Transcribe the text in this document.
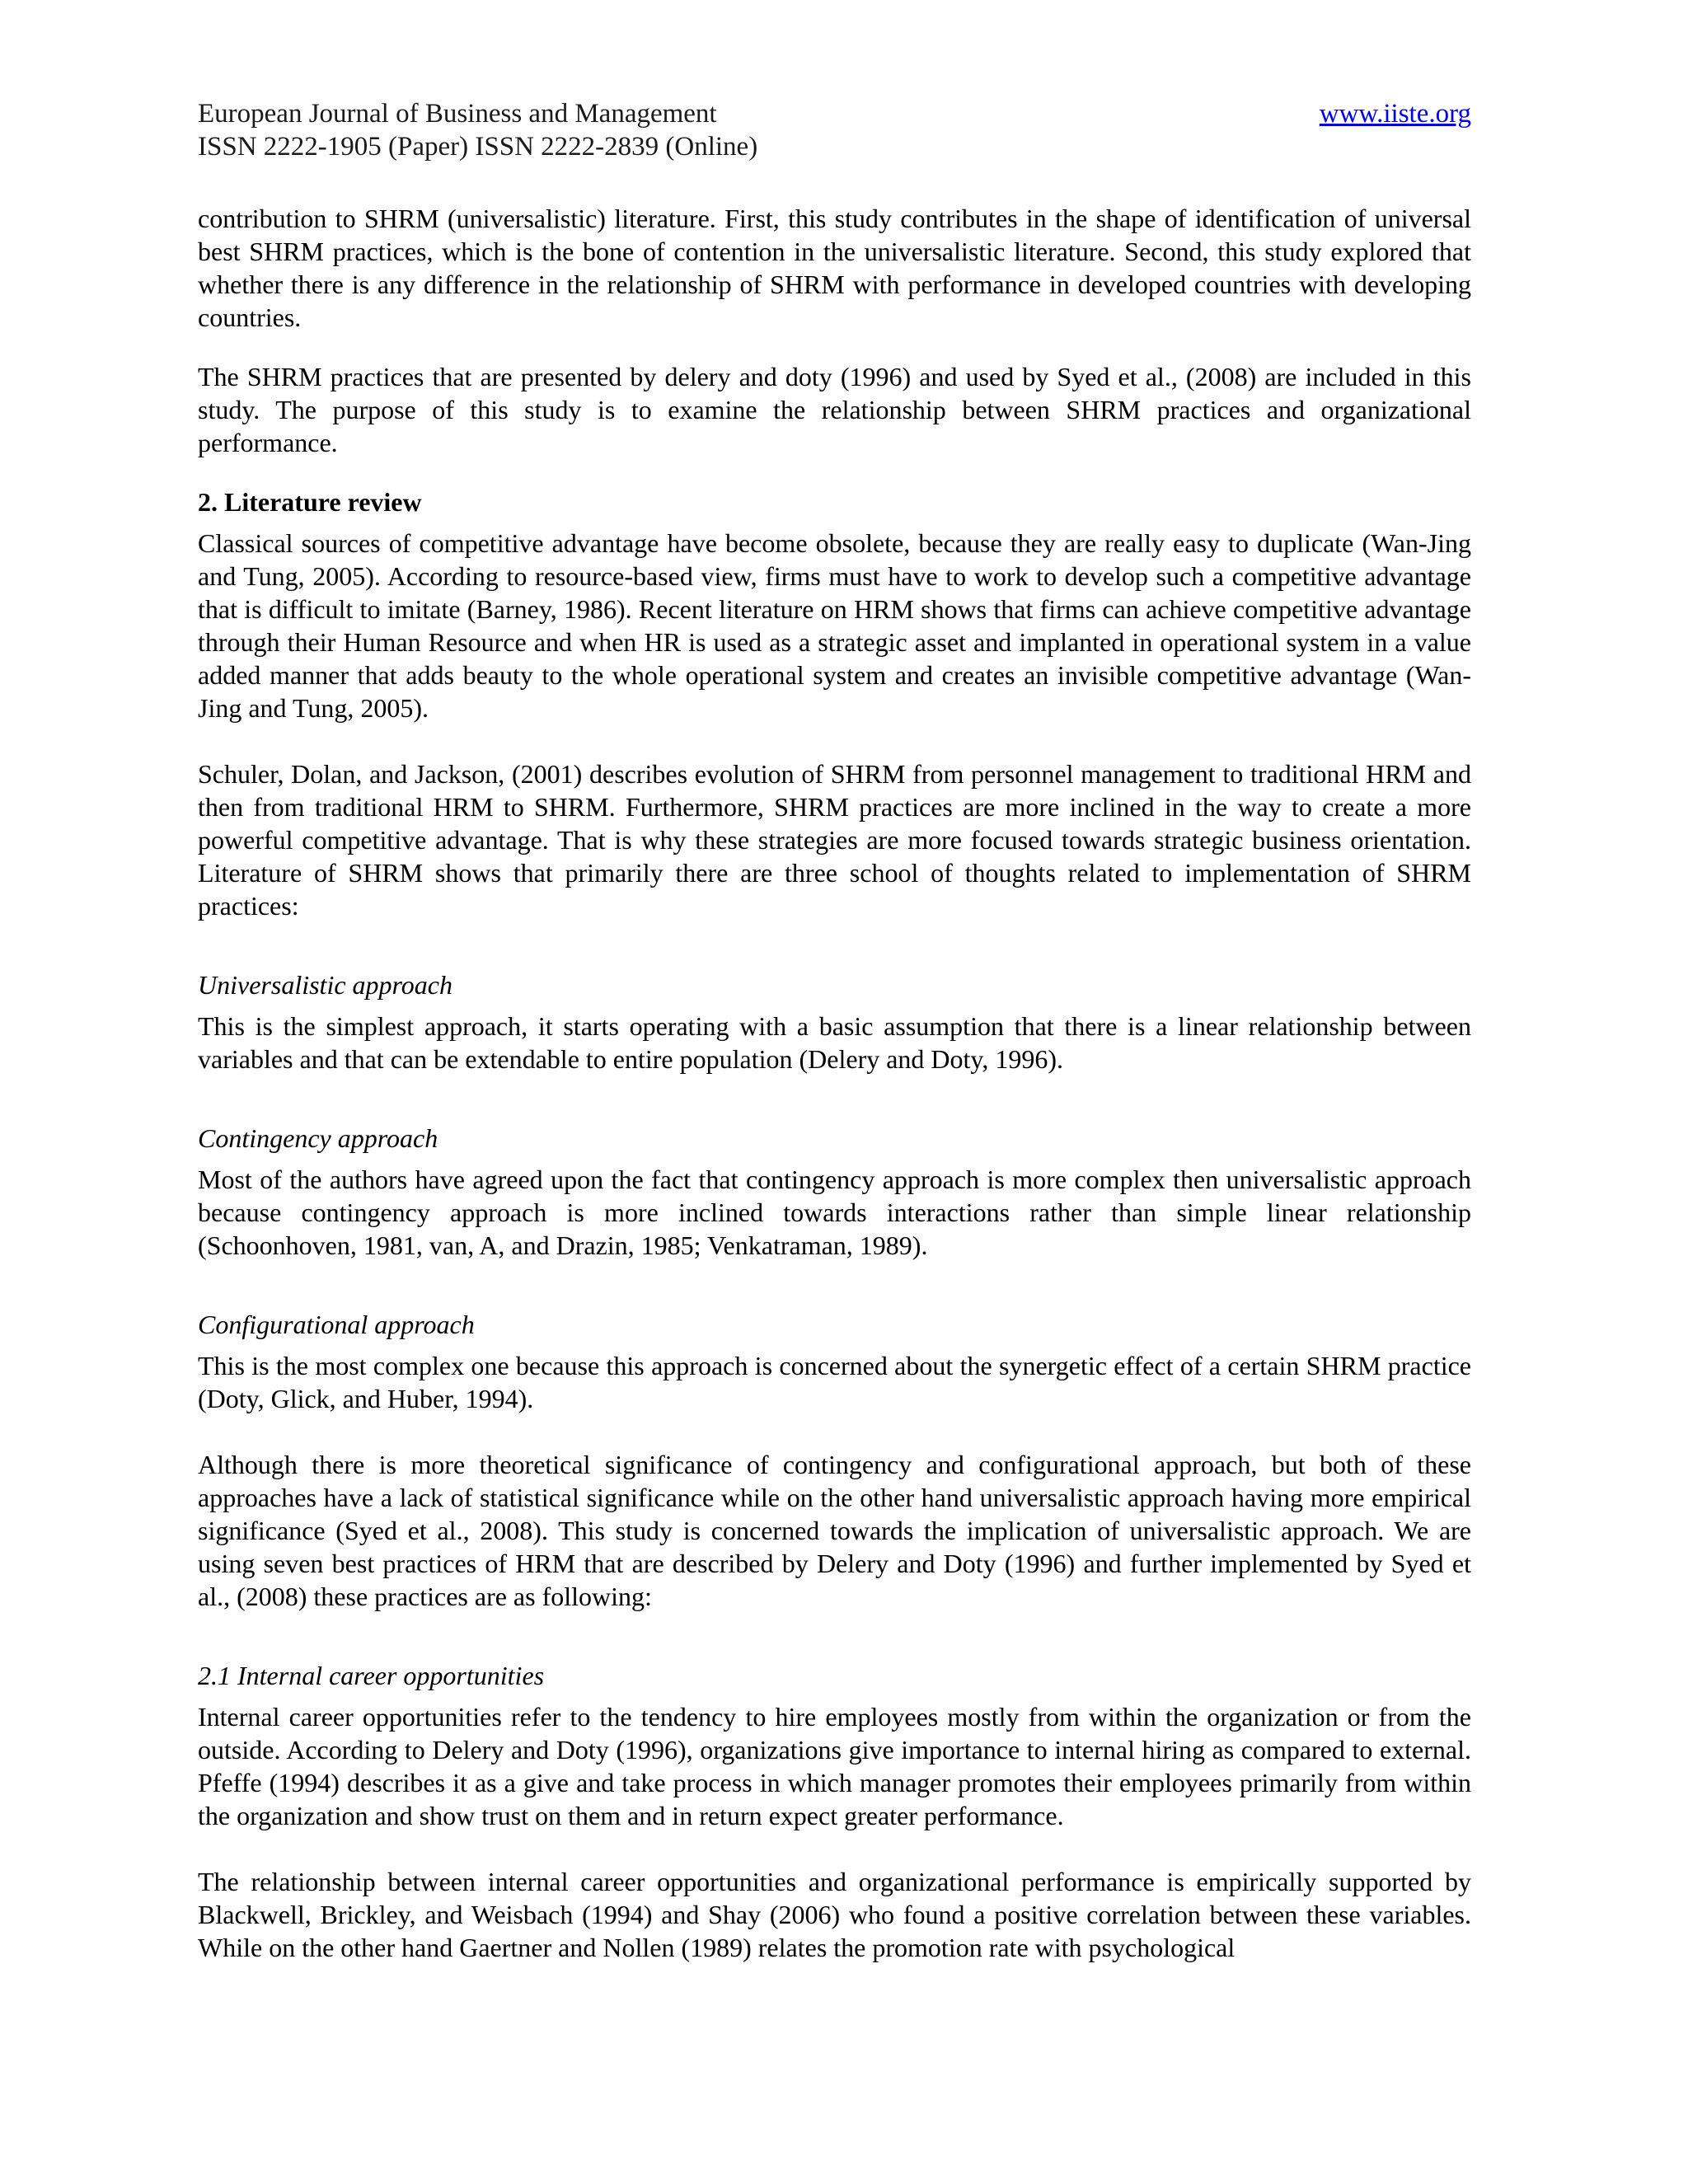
European Journal of Business and Management	www.iiste.org
ISSN 2222-1905 (Paper) ISSN 2222-2839 (Online)

contribution to SHRM (universalistic) literature. First, this study contributes in the shape of identification of universal best SHRM practices, which is the bone of contention in the universalistic literature. Second, this study explored that whether there is any difference in the relationship of SHRM with performance in developed countries with developing countries.

The SHRM practices that are presented by delery and doty (1996) and used by Syed et al., (2008) are included in this study. The purpose of this study is to examine the relationship between SHRM practices and organizational performance.

2. Literature review

Classical sources of competitive advantage have become obsolete, because they are really easy to duplicate (Wan-Jing and Tung, 2005). According to resource-based view, firms must have to work to develop such a competitive advantage that is difficult to imitate (Barney, 1986). Recent literature on HRM shows that firms can achieve competitive advantage through their Human Resource and when HR is used as a strategic asset and implanted in operational system in a value added manner that adds beauty to the whole operational system and creates an invisible competitive advantage (Wan-Jing and Tung, 2005).

Schuler, Dolan, and Jackson, (2001) describes evolution of SHRM from personnel management to traditional HRM and then from traditional HRM to SHRM. Furthermore, SHRM practices are more inclined in the way to create a more powerful competitive advantage. That is why these strategies are more focused towards strategic business orientation. Literature of SHRM shows that primarily there are three school of thoughts related to implementation of SHRM practices:

Universalistic approach

This is the simplest approach, it starts operating with a basic assumption that there is a linear relationship between variables and that can be extendable to entire population (Delery and Doty, 1996).

Contingency approach

Most of the authors have agreed upon the fact that contingency approach is more complex then universalistic approach because contingency approach is more inclined towards interactions rather than simple linear relationship (Schoonhoven, 1981, van, A, and Drazin, 1985; Venkatraman, 1989).

Configurational approach

This is the most complex one because this approach is concerned about the synergetic effect of a certain SHRM practice (Doty, Glick, and Huber, 1994).

Although there is more theoretical significance of contingency and configurational approach, but both of these approaches have a lack of statistical significance while on the other hand universalistic approach having more empirical significance (Syed et al., 2008). This study is concerned towards the implication of universalistic approach. We are using seven best practices of HRM that are described by Delery and Doty (1996) and further implemented by Syed et al., (2008) these practices are as following:

2.1 Internal career opportunities

Internal career opportunities refer to the tendency to hire employees mostly from within the organization or from the outside. According to Delery and Doty (1996), organizations give importance to internal hiring as compared to external. Pfeffe (1994) describes it as a give and take process in which manager promotes their employees primarily from within the organization and show trust on them and in return expect greater performance.

The relationship between internal career opportunities and organizational performance is empirically supported by Blackwell, Brickley, and Weisbach (1994) and Shay (2006) who found a positive correlation between these variables. While on the other hand Gaertner and Nollen (1989) relates the promotion rate with psychological
